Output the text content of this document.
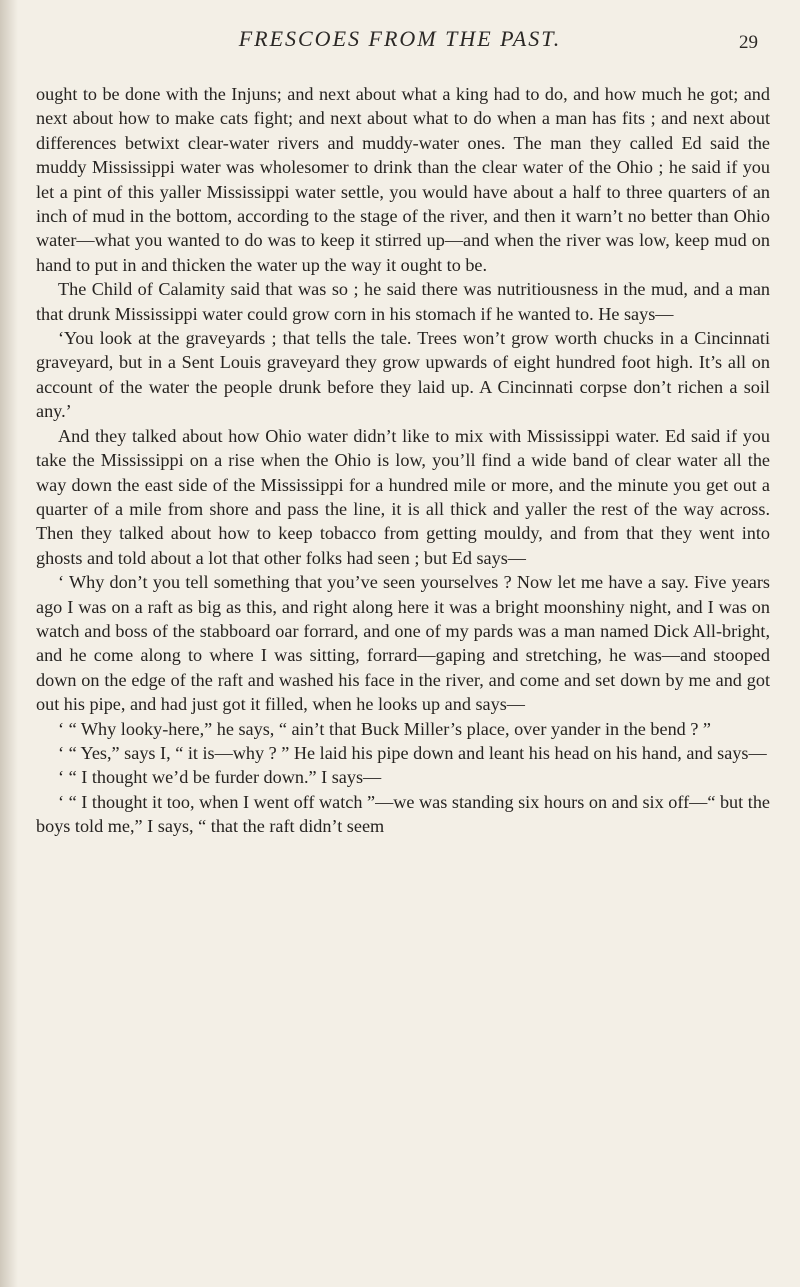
FRESCOES FROM THE PAST.	29

ought to be done with the Injuns; and next about what a king had to do, and how much he got; and next about how to make cats fight; and next about what to do when a man has fits ; and next about differences betwixt clear-water rivers and muddy-water ones. The man they called Ed said the muddy Mississippi water was wholesomer to drink than the clear water of the Ohio ; he said if you let a pint of this yaller Mississippi water settle, you would have about a half to three quarters of an inch of mud in the bottom, according to the stage of the river, and then it warn’t no better than Ohio water—what you wanted to do was to keep it stirred up—and when the river was low, keep mud on hand to put in and thicken the water up the way it ought to be.

The Child of Calamity said that was so ; he said there was nutritiousness in the mud, and a man that drunk Mississippi water could grow corn in his stomach if he wanted to. He says—

‘You look at the graveyards ; that tells the tale. Trees won’t grow worth chucks in a Cincinnati graveyard, but in a Sent Louis graveyard they grow upwards of eight hundred foot high. It’s all on account of the water the people drunk before they laid up. A Cincinnati corpse don’t richen a soil any.’

And they talked about how Ohio water didn’t like to mix with Mississippi water. Ed said if you take the Mississippi on a rise when the Ohio is low, you’ll find a wide band of clear water all the way down the east side of the Mississippi for a hundred mile or more, and the minute you get out a quarter of a mile from shore and pass the line, it is all thick and yaller the rest of the way across. Then they talked about how to keep tobacco from getting mouldy, and from that they went into ghosts and told about a lot that other folks had seen ; but Ed says—

‘ Why don’t you tell something that you’ve seen yourselves ? Now let me have a say. Five years ago I was on a raft as big as this, and right along here it was a bright moonshiny night, and I was on watch and boss of the stabboard oar forrard, and one of my pards was a man named Dick All-bright, and he come along to where I was sitting, forrard—gaping and stretching, he was—and stooped down on the edge of the raft and washed his face in the river, and come and set down by me and got out his pipe, and had just got it filled, when he looks up and says—

‘ “ Why looky-here,” he says, “ ain’t that Buck Miller’s place, over yander in the bend ? ”

‘ “ Yes,” says I, “ it is—why ? ” He laid his pipe down and leant his head on his hand, and says—

‘ “ I thought we’d be furder down.” I says—

‘ “ I thought it too, when I went off watch ”—we was standing six hours on and six off—“ but the boys told me,” I says, “ that the raft didn’t seem
